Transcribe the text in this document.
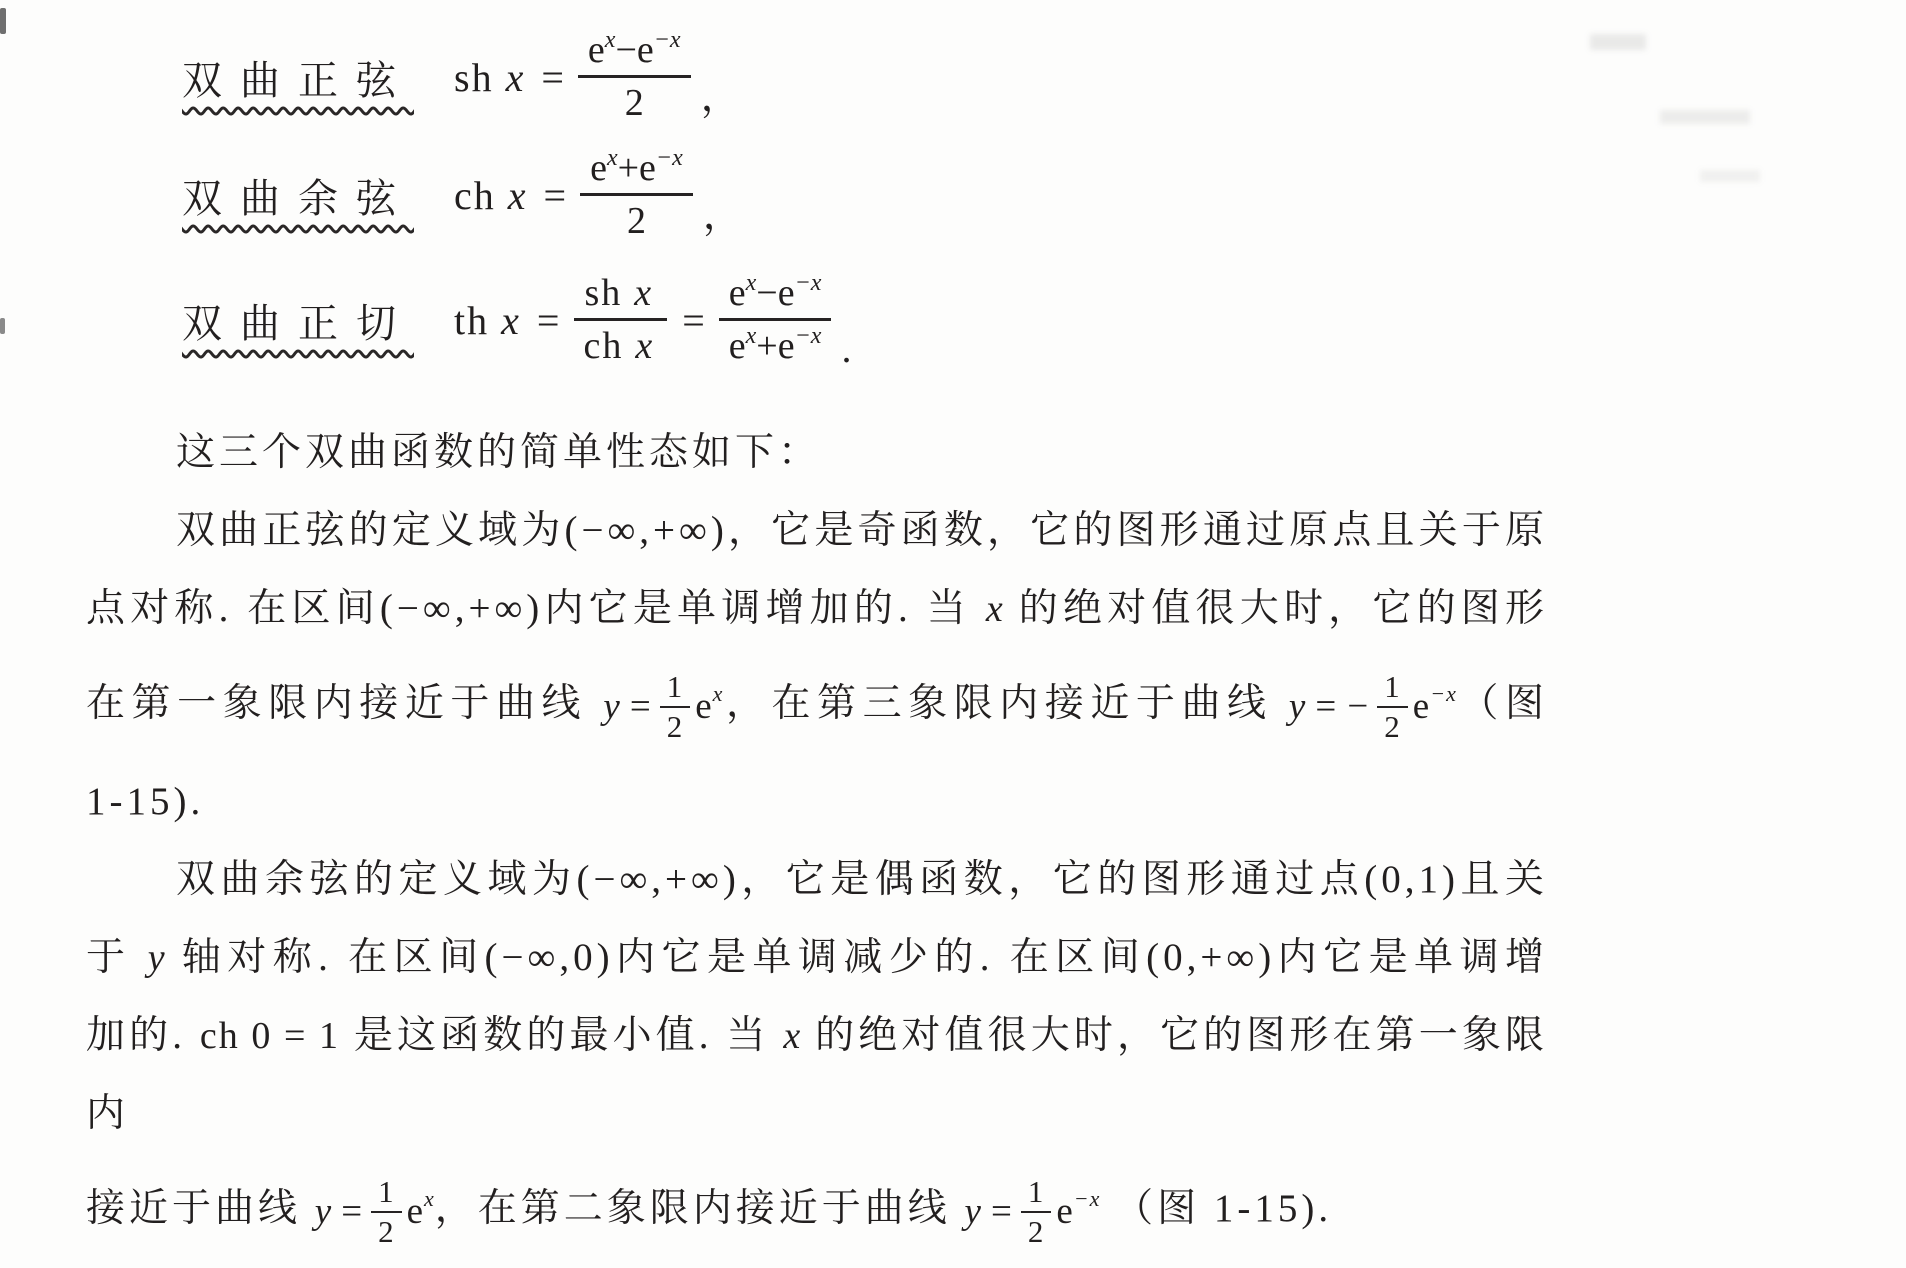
双曲正弦 sh $x = \frac{e^x-e^{-x}}{2}$ ，
双曲余弦 ch $x = \frac{e^x+e^{-x}}{2}$ ，
双曲正切 th $x = \frac{\text{sh x}}{\text{ch x}} = \frac{e^x-e^{-x}}{e^x+e^{-x}}$ .
这三个双曲函数的简单性态如下：
双曲正弦的定义域为(−∞,+∞)，它是奇函数，它的图形通过原点且关于原
点对称. 在区间(−∞,+∞)内它是单调增加的. 当 x 的绝对值很大时，它的图形
在第一象限内接近于曲线 $y = \frac{1}{2}$ e x ，在第三象限内接近于曲线 y = − $\frac{1}{2}$ e −x （图
1-15).
双曲余弦的定义域为(−∞,+∞)，它是偶函数，它的图形通过点(0,1)且关
于 y 轴对称. 在区间(−∞,0)内它是单调减少的. 在区间(0,+∞)内它是单调增
加的. ch 0 = 1 是这函数的最小值. 当 x 的绝对值很大时，它的图形在第一象限内
接近于曲线 $y = \frac{1}{2}$ e x ，在第二象限内接近于曲线 $y = \frac{1}{2}$ e −x （图 1-15).
